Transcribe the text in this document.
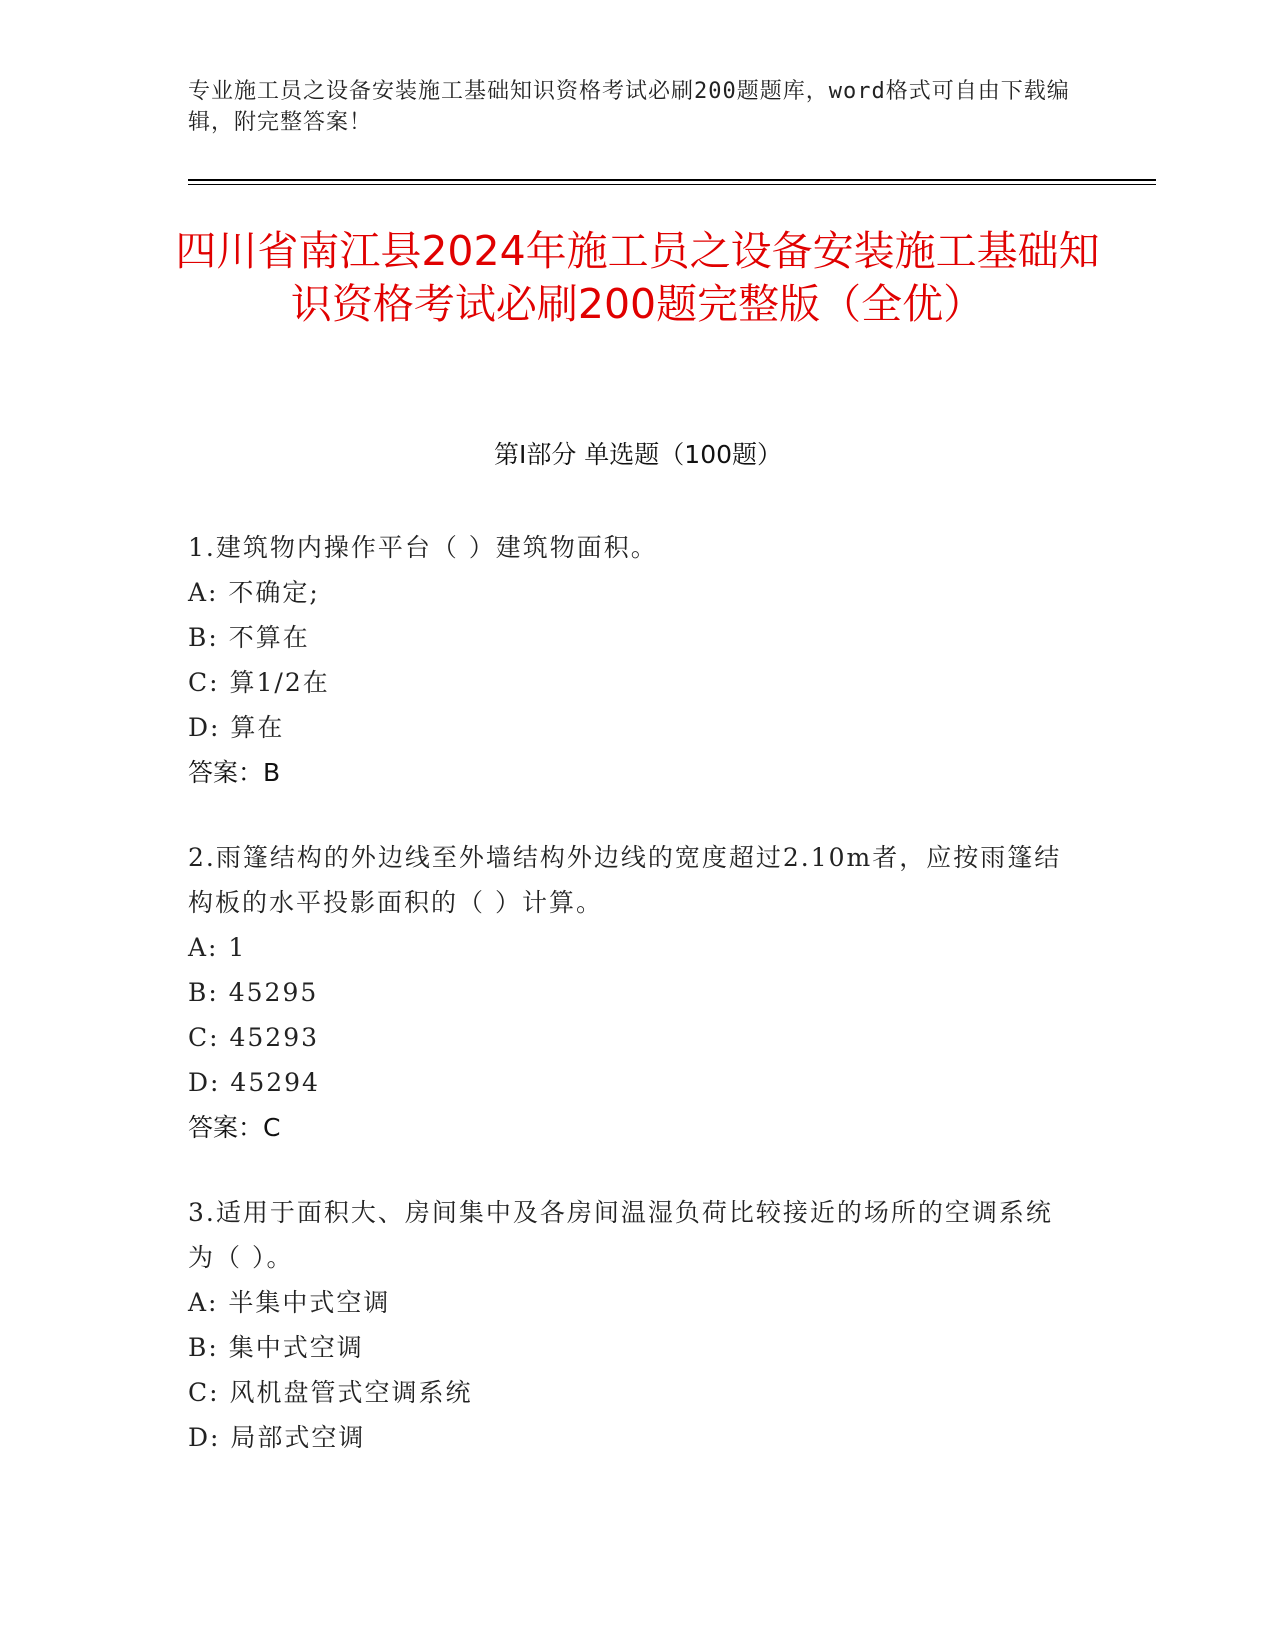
专业施工员之设备安装施工基础知识资格考试必刷200题题库，word格式可自由下载编辑，附完整答案！
四川省南江县2024年施工员之设备安装施工基础知识资格考试必刷200题完整版（全优）
第Ⅰ部分 单选题（100题）

1.建筑物内操作平台（ ）建筑物面积。

A: 不确定;

B: 不算在

C: 算1/2在

D: 算在

答案：B

2.雨篷结构的外边线至外墙结构外边线的宽度超过2.10m者，应按雨篷结构板的水平投影面积的（ ）计算。

A: 1

B: 45295

C: 45293

D: 45294

答案：C

3.适用于面积大、房间集中及各房间温湿负荷比较接近的场所的空调系统为（ ）。

A: 半集中式空调

B: 集中式空调

C: 风机盘管式空调系统

D: 局部式空调
